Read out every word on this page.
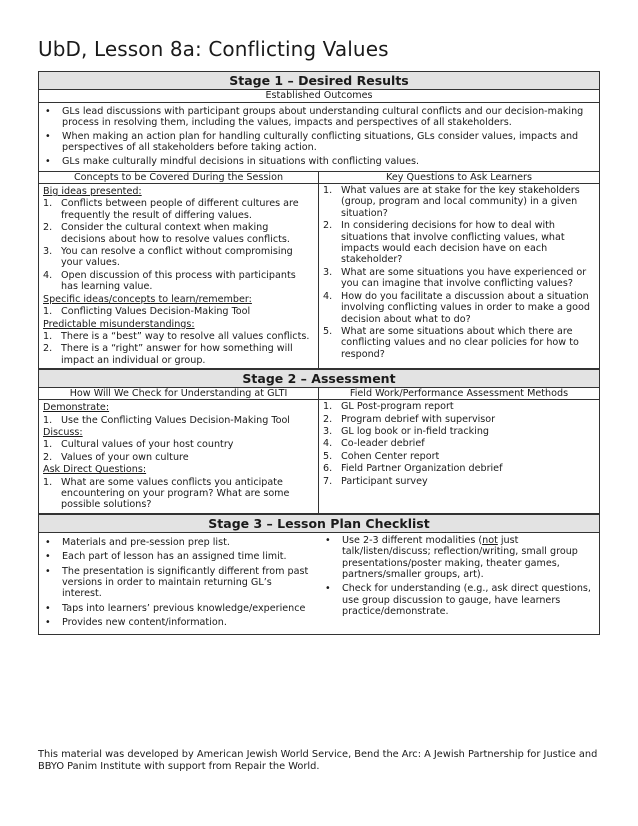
UbD, Lesson 8a: Conflicting Values
Stage 1 – Desired Results
Established Outcomes
• GLs lead discussions with participant groups about understanding cultural conflicts and our decision-making process in resolving them, including the values, impacts and perspectives of all stakeholders.
• When making an action plan for handling culturally conflicting situations, GLs consider values, impacts and perspectives of all stakeholders before taking action.
• GLs make culturally mindful decisions in situations with conflicting values.
Concepts to be Covered During the Session
Big ideas presented:
1. Conflicts between people of different cultures are frequently the result of differing values.
2. Consider the cultural context when making decisions about how to resolve values conflicts.
3. You can resolve a conflict without compromising your values.
4. Open discussion of this process with participants has learning value.
Specific ideas/concepts to learn/remember:
1. Conflicting Values Decision-Making Tool
Predictable misunderstandings:
1. There is a “best” way to resolve all values conflicts.
2. There is a “right” answer for how something will impact an individual or group.
Key Questions to Ask Learners
1. What values are at stake for the key stakeholders (group, program and local community) in a given situation?
2. In considering decisions for how to deal with situations that involve conflicting values, what impacts would each decision have on each stakeholder?
3. What are some situations you have experienced or you can imagine that involve conflicting values?
4. How do you facilitate a discussion about a situation involving conflicting values in order to make a good decision about what to do?
5. What are some situations about which there are conflicting values and no clear policies for how to respond?
Stage 2 – Assessment
How Will We Check for Understanding at GLTI
Demonstrate:
1. Use the Conflicting Values Decision-Making Tool
Discuss:
1. Cultural values of your host country
2. Values of your own culture
Ask Direct Questions:
1. What are some values conflicts you anticipate encountering on your program? What are some possible solutions?
Field Work/Performance Assessment Methods
1. GL Post-program report
2. Program debrief with supervisor
3. GL log book or in-field tracking
4. Co-leader debrief
5. Cohen Center report
6. Field Partner Organization debrief
7. Participant survey
Stage 3 – Lesson Plan Checklist
• Materials and pre-session prep list.
• Each part of lesson has an assigned time limit.
• The presentation is significantly different from past versions in order to maintain returning GL’s interest.
• Taps into learners’ previous knowledge/experience
• Provides new content/information.
• Use 2-3 different modalities (not just talk/listen/discuss; reflection/writing, small group presentations/poster making, theater games, partners/smaller groups, art).
• Check for understanding (e.g., ask direct questions, use group discussion to gauge, have learners practice/demonstrate.
This material was developed by American Jewish World Service, Bend the Arc: A Jewish Partnership for Justice and BBYO Panim Institute with support from Repair the World.
